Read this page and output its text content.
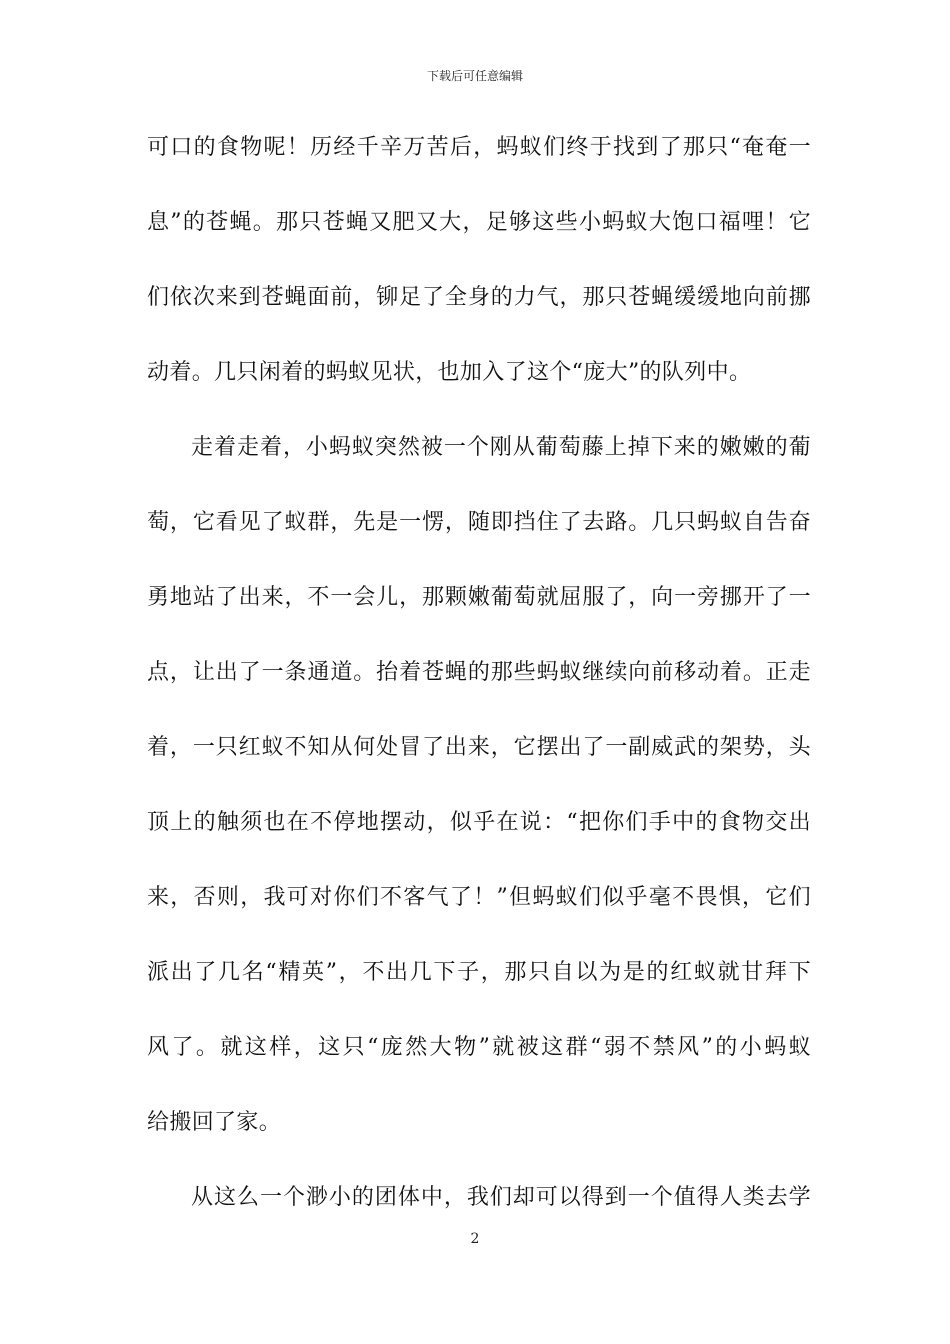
下载后可任意编辑
可口的食物呢！历经千辛万苦后，蚂蚁们终于找到了那只“奄奄一
息”的苍蝇。那只苍蝇又肥又大，足够这些小蚂蚁大饱口福哩！它
们依次来到苍蝇面前，铆足了全身的力气，那只苍蝇缓缓地向前挪
动着。几只闲着的蚂蚁见状，也加入了这个“庞大”的队列中。
走着走着，小蚂蚁突然被一个刚从葡萄藤上掉下来的嫩嫩的葡
萄，它看见了蚁群，先是一愣，随即挡住了去路。几只蚂蚁自告奋
勇地站了出来，不一会儿，那颗嫩葡萄就屈服了，向一旁挪开了一
点，让出了一条通道。抬着苍蝇的那些蚂蚁继续向前移动着。正走
着，一只红蚁不知从何处冒了出来，它摆出了一副威武的架势，头
顶上的触须也在不停地摆动，似乎在说：“把你们手中的食物交出
来，否则，我可对你们不客气了！”但蚂蚁们似乎毫不畏惧，它们
派出了几名“精英”，不出几下子，那只自以为是的红蚁就甘拜下
风了。就这样，这只“庞然大物”就被这群“弱不禁风”的小蚂蚁
给搬回了家。
从这么一个渺小的团体中，我们却可以得到一个值得人类去学
2
